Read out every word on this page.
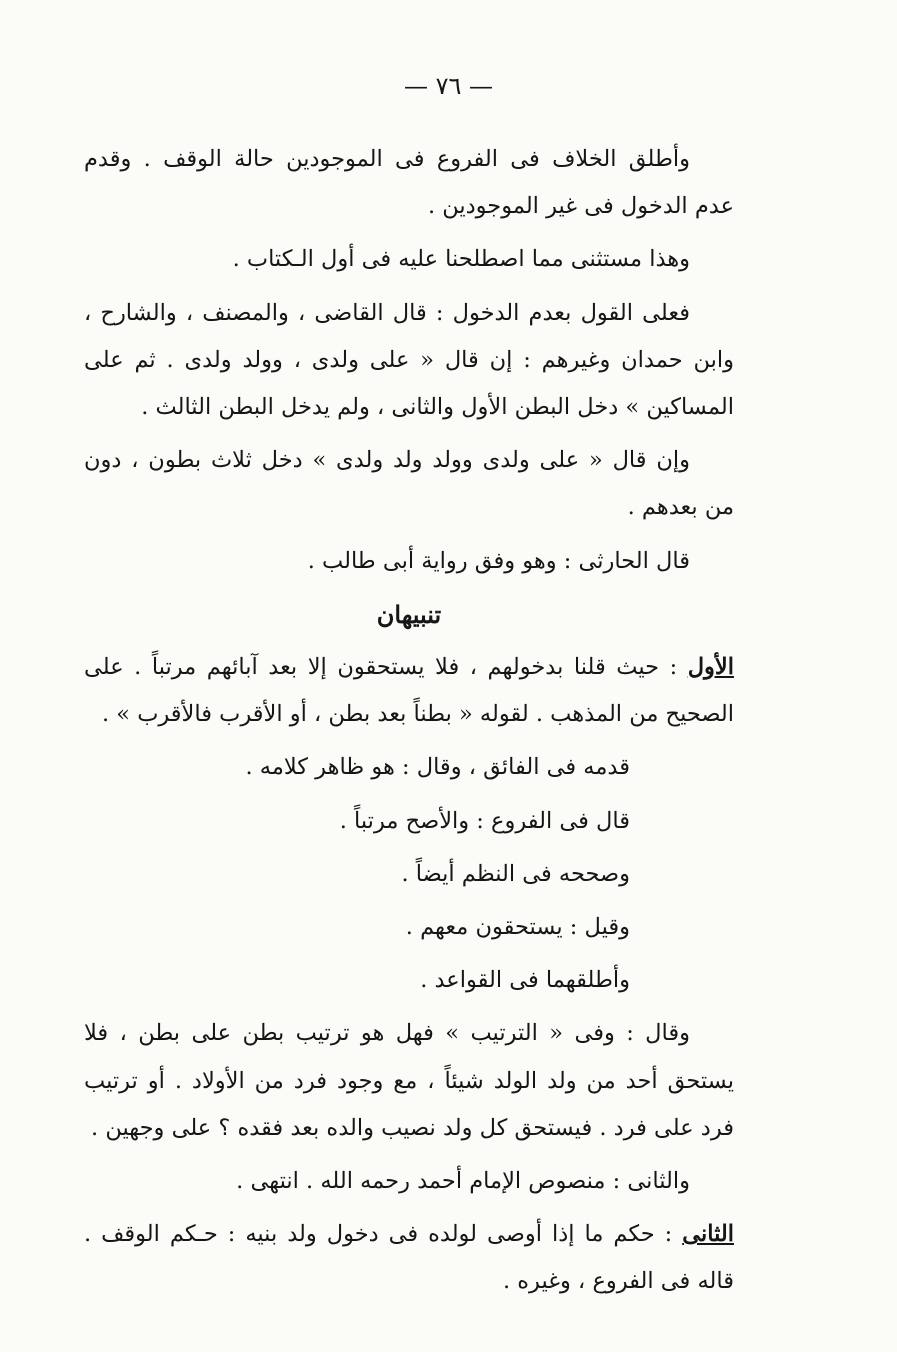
— ٧٦ —

وأطلق الخلاف فى الفروع فى الموجودين حالة الوقف . وقدم عدم الدخول فى غير الموجودين .

وهذا مستثنى مما اصطلحنا عليه فى أول الـكتاب .

فعلى القول بعدم الدخول : قال القاضى ، والمصنف ، والشارح ، وابن حمدان وغيرهم : إن قال « على ولدى ، وولد ولدى . ثم على المساكين » دخل البطن الأول والثانى ، ولم يدخل البطن الثالث .

وإن قال « على ولدى وولد ولد ولدى » دخل ثلاث بطون ، دون من بعدهم .

قال الحارثى : وهو وفق رواية أبى طالب .

تنبيهان

الأول : حيث قلنا بدخولهم ، فلا يستحقون إلا بعد آبائهم مرتباً . على الصحيح من المذهب . لقوله « بطناً بعد بطن ، أو الأقرب فالأقرب » .

قدمه فى الفائق ، وقال : هو ظاهر كلامه .

قال فى الفروع : والأصح مرتباً .

وصححه فى النظم أيضاً .

وقيل : يستحقون معهم .

وأطلقهما فى القواعد .

وقال : وفى « الترتيب » فهل هو ترتيب بطن على بطن ، فلا يستحق أحد من ولد الولد شيئاً ، مع وجود فرد من الأولاد . أو ترتيب فرد على فرد . فيستحق كل ولد نصيب والده بعد فقده ؟ على وجهين .

والثانى : منصوص الإمام أحمد رحمه الله . انتهى .

الثانى : حكم ما إذا أوصى لولده فى دخول ولد بنيه : حـكم الوقف . قاله فى الفروع ، وغيره .
